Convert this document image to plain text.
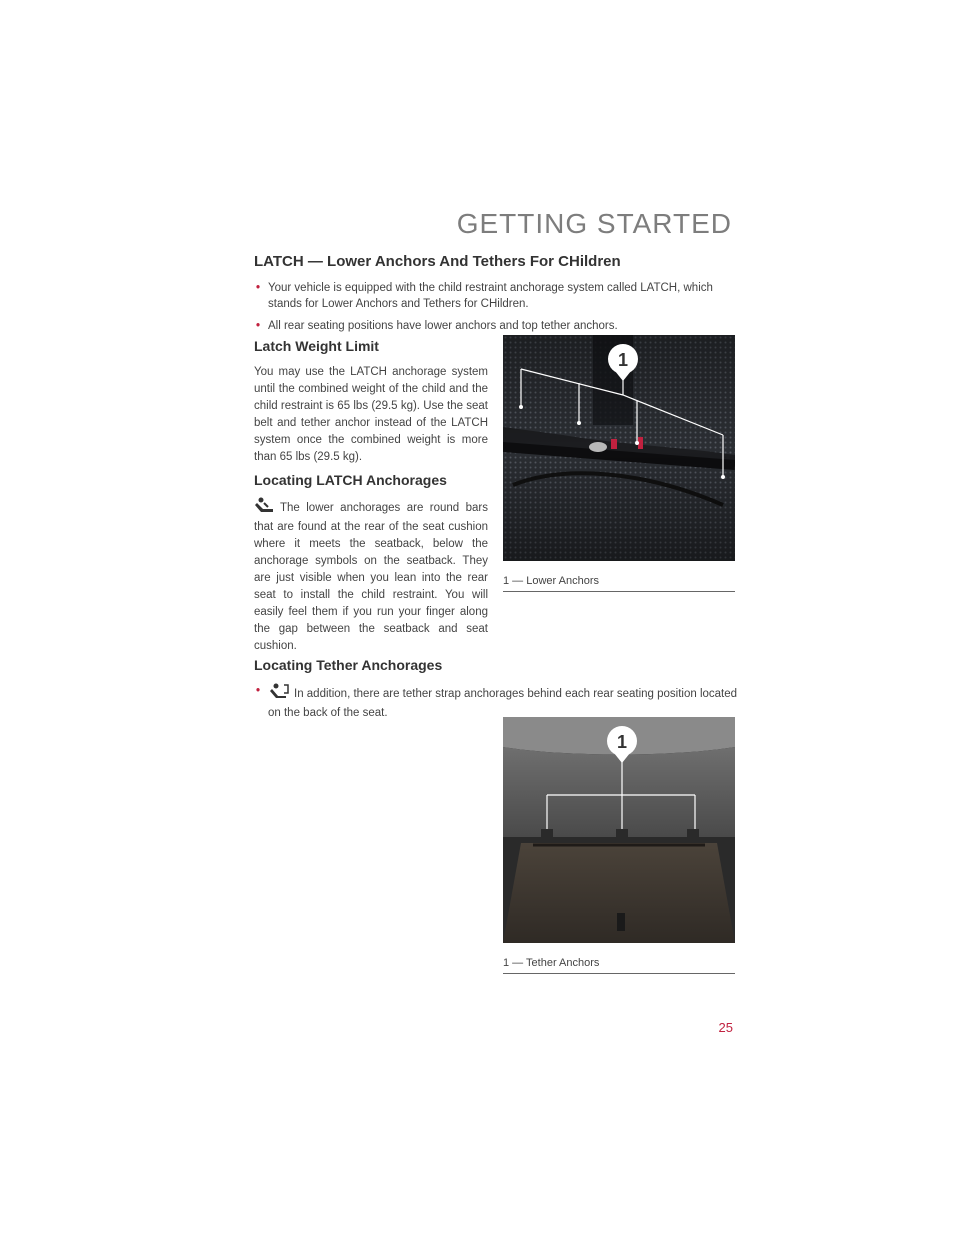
GETTING STARTED
LATCH — Lower Anchors And Tethers For CHildren
• Your vehicle is equipped with the child restraint anchorage system called LATCH, which stands for Lower Anchors and Tethers for CHildren.
• All rear seating positions have lower anchors and top tether anchors.
Latch Weight Limit

You may use the LATCH anchorage system until the combined weight of the child and the child restraint is 65 lbs (29.5 kg). Use the seat belt and tether anchor instead of the LATCH system once the combined weight is more than 65 lbs (29.5 kg).

Locating LATCH Anchorages

The lower anchorages are round bars that are found at the rear of the seat cushion where it meets the seatback, below the anchorage symbols on the seatback. They are just visible when you lean into the rear seat to install the child restraint. You will easily feel them if you run your finger along the gap between the seatback and seat cushion.

Locating Tether Anchorages

•	In addition, there are tether strap anchorages behind each rear seating position located on the back of the seat.

1
1 — Lower Anchors
1
1 — Tether Anchors
25
